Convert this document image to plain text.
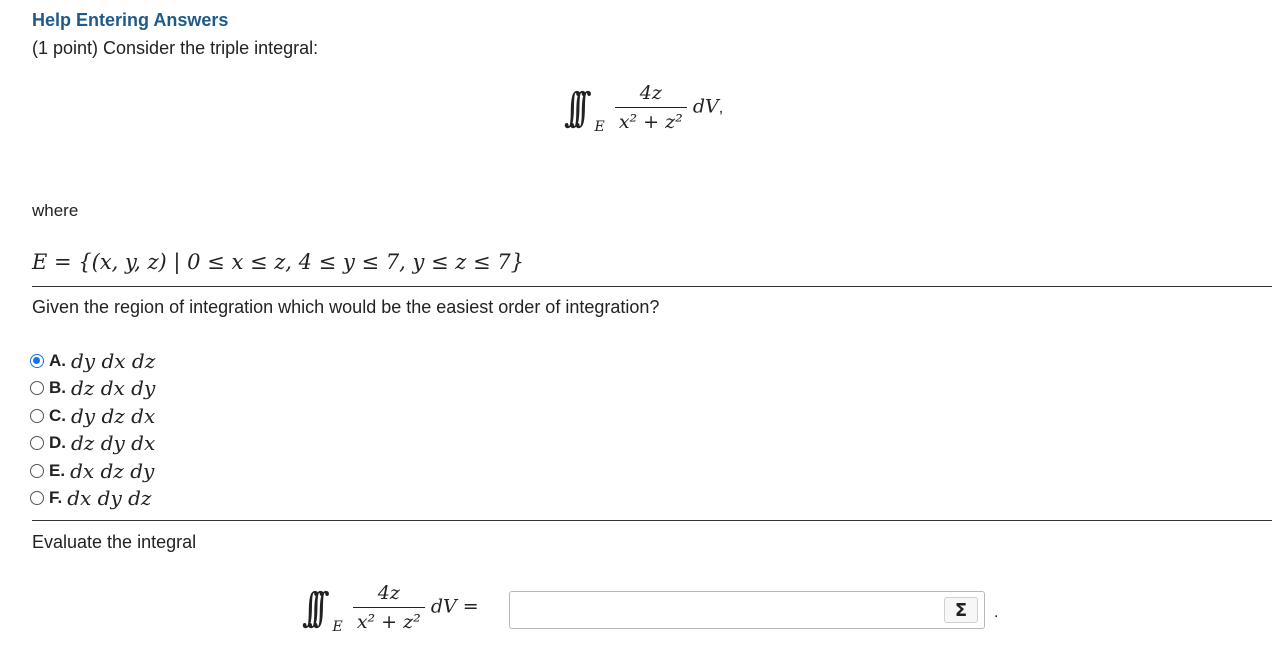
Help Entering Answers
(1 point) Consider the triple integral:
∫∫∫ $_E \frac{4z}{\text{x² + z²}}$ dV,
where
E = {(x, y, z) | 0 ≤ x ≤ z, 4 ≤ y ≤ 7, y ≤ z ≤ 7}
Given the region of integration which would be the easiest order of integration?
A. dy dx dz
B. dz dx dy
C. dy dz dx
D. dz dy dx
E. dx dz dy
F. dx dy dz
Evaluate the integral
∫∫∫ $_E \frac{4z}{\text{x² + z²}}$ dV =	Σ	.
